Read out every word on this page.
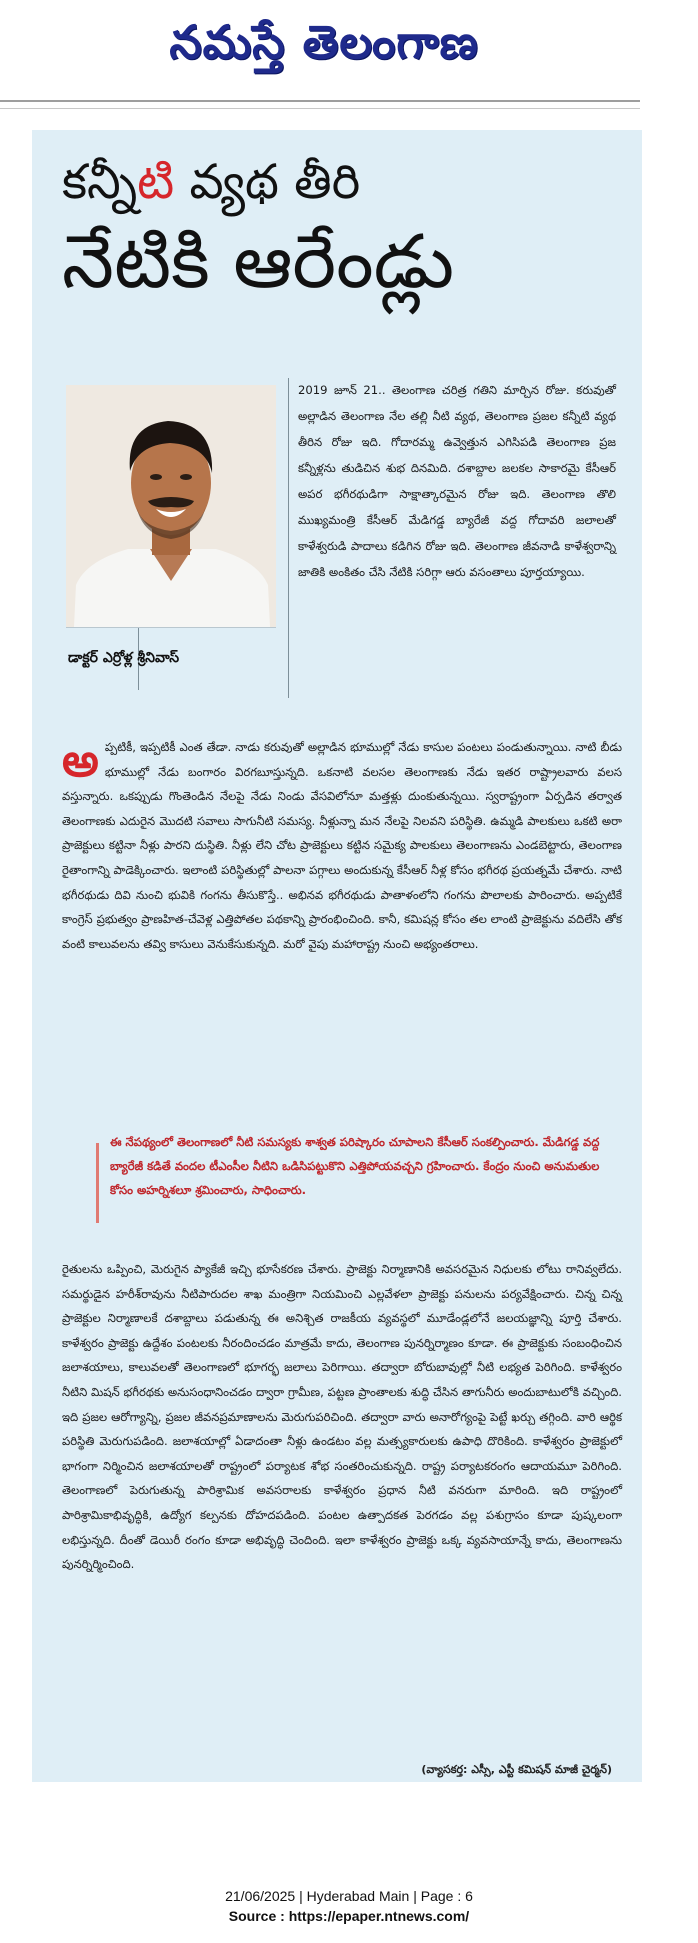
నమస్తే తెలంగాణ
కన్నీటి వ్యథ తీరి
నేటికి ఆరేండ్లు
డాక్టర్ ఎర్రోళ్ల శ్రీనివాస్
2019 జూన్ 21.. తెలంగాణ చరిత్ర గతిని మార్చిన రోజు. కరువుతో అల్లాడిన తెలంగాణ నేల తల్లి నీటి వ్యథ, తెలంగాణ ప్రజల కన్నీటి వ్యథ తీరిన రోజు ఇది. గోదారమ్మ ఉవ్వెత్తున ఎగిసిపడి తెలంగాణ ప్రజ కన్నీళ్లను తుడిచిన శుభ దినమిది. దశాబ్దాల జలకల సాకారమై కేసీఆర్ అపర భగీరథుడిగా సాక్షాత్కారమైన రోజు ఇది. తెలంగాణ తొలి ముఖ్యమంత్రి కేసీఆర్ మేడిగడ్డ బ్యారేజీ వద్ద గోదావరి జలాలతో కాళేశ్వరుడి పాదాలు కడిగిన రోజు ఇది. తెలంగాణ జీవనాడి కాళేశ్వరాన్ని జాతికి అంకితం చేసి నేటికి సరిగ్గా ఆరు వసంతాలు పూర్తయ్యాయి.
అప్పటికీ, ఇప్పటికీ ఎంత తేడా. నాడు కరువుతో అల్లాడిన భూముల్లో నేడు కాసుల పంటలు పండుతున్నాయి. నాటి బీడు భూముల్లో నేడు బంగారం విరగబూస్తున్నది. ఒకనాటి వలసల తెలంగాణకు నేడు ఇతర రాష్ట్రాలవారు వలస వస్తున్నారు. ఒకప్పుడు గొంతెండిన నేలపై నేడు నిండు వేసవిలోనూ మత్తళ్లు దుంకుతున్నయి. స్వరాష్ట్రంగా ఏర్పడిన తర్వాత తెలంగాణకు ఎదురైన మొదటి సవాలు సాగునీటి సమస్య. నీళ్లున్నా మన నేలపై నిలవని పరిస్థితి. ఉమ్మడి పాలకులు ఒకటి అరా ప్రాజెక్టులు కట్టినా నీళ్లు పారని దుస్థితి. నీళ్లు లేని చోట ప్రాజెక్టులు కట్టిన సమైక్య పాలకులు తెలంగాణను ఎండబెట్టారు, తెలంగాణ రైతాంగాన్ని పాడెక్కించారు. ఇలాంటి పరిస్థితుల్లో పాలనా పగ్గాలు అందుకున్న కేసీఆర్ నీళ్ల కోసం భగీరథ ప్రయత్నమే చేశారు. నాటి భగీరథుడు దివి నుంచి భువికి గంగను తీసుకొస్తే.. అభినవ భగీరథుడు పాతాళంలోని గంగను పొలాలకు పారించారు. అప్పటికే కాంగ్రెస్ ప్రభుత్వం ప్రాణహిత-చేవెళ్ల ఎత్తిపోతల పథకాన్ని ప్రారంభించింది. కానీ, కమిషన్ల కోసం తల లాంటి ప్రాజెక్టును వదిలేసి తోక వంటి కాలువలను తవ్వి కాసులు వెనుకేసుకున్నది. మరో వైపు మహారాష్ట్ర నుంచి అభ్యంతరాలు.
ఈ నేపథ్యంలో తెలంగాణలో నీటి సమస్యకు శాశ్వత పరిష్కారం చూపాలని కేసీఆర్ సంకల్పించారు. మేడిగడ్డ వద్ద బ్యారేజీ కడితే వందల టీఎంసీల నీటిని ఒడిసిపట్టుకొని ఎత్తిపోయవచ్చని గ్రహించారు. కేంద్రం నుంచి అనుమతుల కోసం అహర్నిశలూ శ్రమించారు, సాధించారు.
రైతులను ఒప్పించి, మెరుగైన ప్యాకేజీ ఇచ్చి భూసేకరణ చేశారు. ప్రాజెక్టు నిర్మాణానికి అవసరమైన నిధులకు లోటు రానివ్వలేదు. సమర్థుడైన హరీశ్‌రావును నీటిపారుదల శాఖ మంత్రిగా నియమించి ఎల్లవేళలా ప్రాజెక్టు పనులను పర్యవేక్షించారు. చిన్న చిన్న ప్రాజెక్టుల నిర్మాణాలకే దశాబ్దాలు పడుతున్న ఈ అనిశ్చిత రాజకీయ వ్యవస్థలో మూడేండ్లలోనే జలయజ్ఞాన్ని పూర్తి చేశారు. కాళేశ్వరం ప్రాజెక్టు ఉద్దేశం పంటలకు నీరందించడం మాత్రమే కాదు, తెలంగాణ పునర్నిర్మాణం కూడా. ఈ ప్రాజెక్టుకు సంబంధించిన జలాశయాలు, కాలువలతో తెలంగాణలో భూగర్భ జలాలు పెరిగాయి. తద్వారా బోరుబావుల్లో నీటి లభ్యత పెరిగింది. కాళేశ్వరం నీటిని మిషన్ భగీరథకు అనుసంధానించడం ద్వారా గ్రామీణ, పట్టణ ప్రాంతాలకు శుద్ధి చేసిన తాగునీరు అందుబాటులోకి వచ్చింది. ఇది ప్రజల ఆరోగ్యాన్ని, ప్రజల జీవనప్రమాణాలను మెరుగుపరిచింది. తద్వారా వారు అనారోగ్యంపై పెట్టే ఖర్చు తగ్గింది. వారి ఆర్థిక పరిస్థితి మెరుగుపడింది. జలాశయాల్లో ఏడాదంతా నీళ్లు ఉండటం వల్ల మత్స్యకారులకు ఉపాధి దొరికింది. కాళేశ్వరం ప్రాజెక్టులో భాగంగా నిర్మించిన జలాశయాలతో రాష్ట్రంలో పర్యాటక శోభ సంతరించుకున్నది. రాష్ట్ర పర్యాటకరంగం ఆదాయమూ పెరిగింది. తెలంగాణలో పెరుగుతున్న పారిశ్రామిక అవసరాలకు కాళేశ్వరం ప్రధాన నీటి వనరుగా మారింది. ఇది రాష్ట్రంలో పారిశ్రామికాభివృద్ధికి, ఉద్యోగ కల్పనకు దోహదపడింది. పంటల ఉత్పాదకత పెరగడం వల్ల పశుగ్రాసం కూడా పుష్కలంగా లభిస్తున్నది. దీంతో డెయిరీ రంగం కూడా అభివృద్ధి చెందింది. ఇలా కాళేశ్వరం ప్రాజెక్టు ఒక్క వ్యవసాయాన్నే కాదు, తెలంగాణను పునర్నిర్మించింది.
(వ్యాసకర్త: ఎస్సీ, ఎస్టీ కమిషన్ మాజీ చైర్మన్)
21/06/2025 | Hyderabad Main | Page : 6
Source : https://epaper.ntnews.com/
